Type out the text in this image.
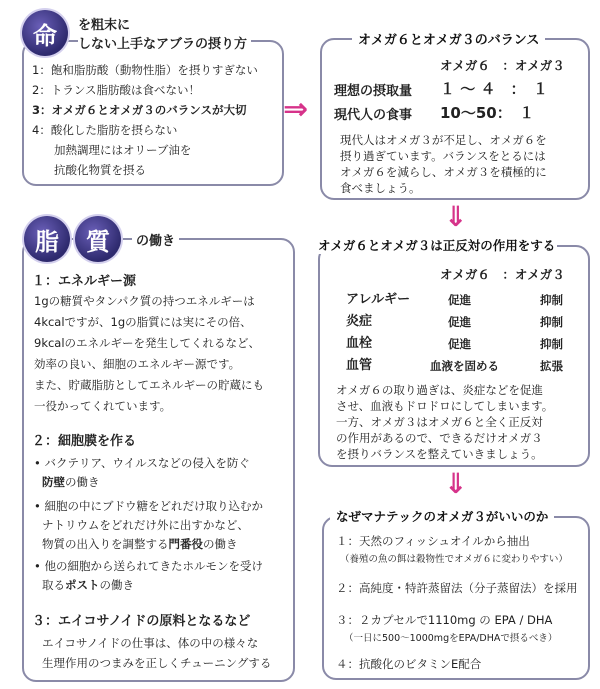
命	を粗末に
しない上手なアブラの摂り方
1：飽和脂肪酸（動物性脂）を摂りすぎない
2：トランス脂肪酸は食べない！
3：オメガ６とオメガ３のバランスが大切
4：酸化した脂肪を摂らない
加熱調理にはオリーブ油を
抗酸化物質を摂る
⇒
オメガ６とオメガ３のバランス
オメガ６　：オメガ３
理想の摂取量 １ ～ ４　：　１
現代人の食事 10～50：　１
現代人はオメガ３が不足し、オメガ６を
摂り過ぎています。バランスをとるには
オメガ６を減らし、オメガ３を積極的に
食べましょう。
⇓
脂	質	の働き
１：エネルギー源
1gの糖質やタンパク質の持つエネルギーは
4kcalですが、1gの脂質には実にその倍、
9kcalのエネルギーを発生してくれるなど、
効率の良い、細胞のエネルギー源です。
また、貯蔵脂肪としてエネルギーの貯蔵にも
一役かってくれています。
２：細胞膜を作る
• バクテリア、ウイルスなどの侵入を防ぐ
防壁の働き
• 細胞の中にブドウ糖をどれだけ取り込むか
ナトリウムをどれだけ外に出すかなど、
物質の出入りを調整する門番役の働き
• 他の細胞から送られてきたホルモンを受け
取るポストの働き
３：エイコサノイドの原料となるなど
エイコサノイドの仕事は、体の中の様々な
生理作用のつまみを正しくチューニングする
オメガ６とオメガ３は正反対の作用をする
オメガ６　：オメガ３
アレルギー	促進	抑制
炎症	促進	抑制
血栓	促進	抑制
血管	血液を固める	拡張
オメガ６の取り過ぎは、炎症などを促進
させ、血液もドロドロにしてしまいます。
一方、オメガ３はオメガ６と全く正反対
の作用があるので、できるだけオメガ３
を摂りバランスを整えていきましょう。
⇓
なぜマナテックのオメガ３がいいのか
１：天然のフィッシュオイルから抽出
（養殖の魚の餌は穀物性でオメガ６に変わりやすい）
２：高純度・特許蒸留法（分子蒸留法）を採用
３：２カプセルで1110mg の EPA / DHA
（一日に500～1000mgをEPA/DHAで摂るべき）
４：抗酸化のビタミンE配合
